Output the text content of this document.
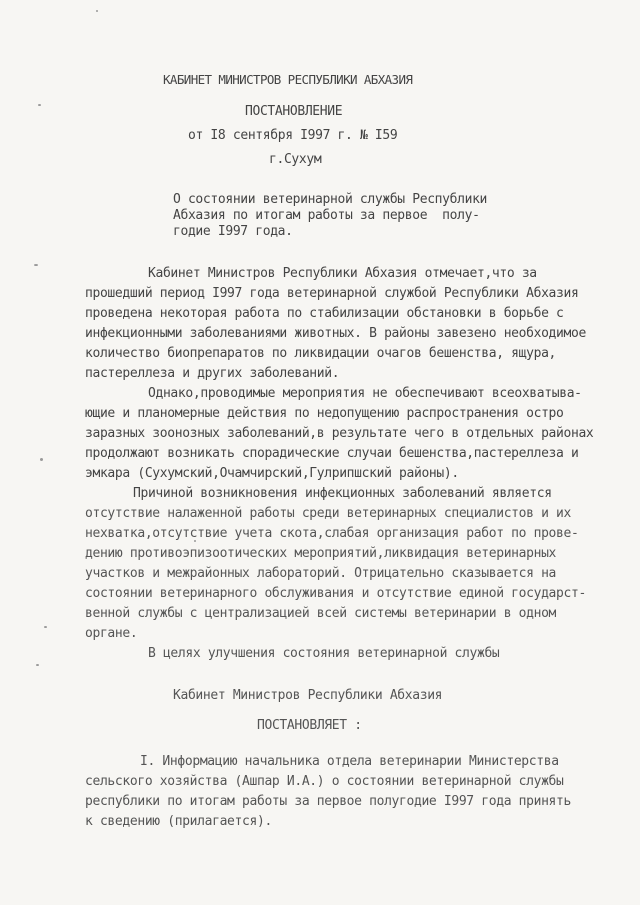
КАБИНЕТ МИНИСТРОВ РЕСПУБЛИКИ АБХАЗИЯ
ПОСТАНОВЛЕНИЕ
от I8 сентября I997 г. № I59
г.Сухум
О состоянии ветеринарной службы Республики
Абхазия по итогам работы за первое  полу-
годие I997 года.
Кабинет Министров Республики Абхазия отмечает,что за
прошедший период I997 года ветеринарной службой Республики Абхазия
проведена некоторая работа по стабилизации обстановки в борьбе с
инфекционными заболеваниями животных. В районы завезено необходимое
количество биопрепаратов по ликвидации очагов бешенства, ящура,
пастереллеза и других заболеваний.
Однако,проводимые мероприятия не обеспечивают всеохватыва-
ющие и планомерные действия по недопущению распространения остро
заразных зоонозных заболеваний,в результате чего в отдельных районах
продолжают возникать спорадические случаи бешенства,пастереллеза и
эмкара (Сухумский,Очамчирский,Гулрипшский районы).
Причиной возникновения инфекционных заболеваний является
отсутствие налаженной работы среди ветеринарных специалистов и их
нехватка,отсутствие учета скота,слабая организация работ по прове-
дению противоэпизоотических мероприятий,ликвидация ветеринарных
участков и межрайонных лабораторий. Отрицательно сказывается на
состоянии ветеринарного обслуживания и отсутствие единой государст-
венной службы с централизацией всей системы ветеринарии в одном
органе.
В целях улучшения состояния ветеринарной службы
Кабинет Министров Республики Абхазия
ПОСТАНОВЛЯЕТ :
I. Информацию начальника отдела ветеринарии Министерства
сельского хозяйства (Ашпар И.А.) о состоянии ветеринарной службы
республики по итогам работы за первое полугодие I997 года принять
к сведению (прилагается).
